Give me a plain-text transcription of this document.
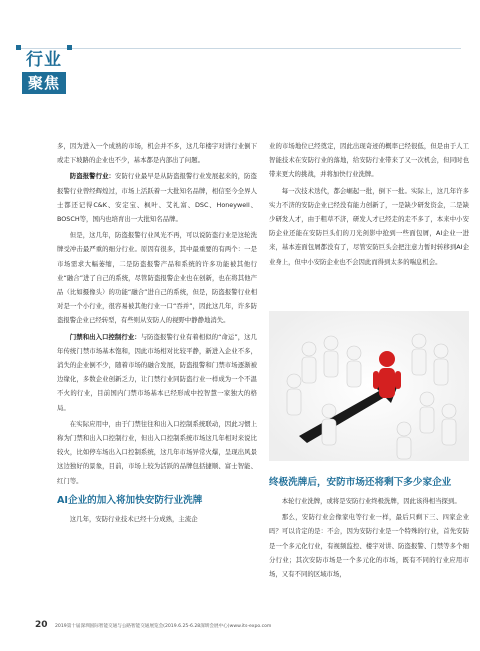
行业
聚焦

多，因为进入一个成熟的市场，机会并不多，这几年楼宇对讲行业倒下或走下坡路的企业也不少，基本都是内部出了问题。

防盗报警行业：安防行业最早是从防盗报警行业发展起来的，防盗报警行业曾经辉煌过，市场上活跃着一大批知名品牌，相信至今全界人士都还记得C&K、安定宝、枫叶、艾礼富、DSC、Honeywell、BOSCH等，国内也培育出一大批知名品牌。

但是，这几年，防盗报警行业风光不再，可以说防盗行业是这轮洗牌受冲击最严重的细分行业。原因有很多，其中最重要的有两个：一是市场需求大幅萎缩，二是防盗报警产品和系统的许多功能被其他行业“融合”进了自己的系统，尽管防盗报警企业也在创新，也在将其他产品（比如摄像头）的功能“融合”进自己的系统，但是，防盗报警行业相对是一个小行业，很容易被其他行业一口“吞并”，因此这几年，许多防盗报警企业已经转型，有些则从安防人的视野中静静地消失。

门禁和出入口控制行业：与防盗报警行业有着相似的“命运”，这几年传统门禁市场基本饱和，因此市场相对比较平静，新进入企业不多，消失的企业倒不少，随着市场的融合发展，防盗报警和门禁市场逐渐被边缘化，多数企业创新乏力，让门禁行业同防盗行业一样成为一个不温不火的行业，目前国内门禁市场基本已经形成中控智慧一家独大的格局。

在实际应用中，由于门禁往往和出入口控制系统联动，因此习惯上称为门禁和出入口控制行业，但出入口控制系统市场这几年相对来说比较火，比如停车场出入口控制系统，这几年市场异常火爆，呈现出风景这边独好的景象，目前，市场上较为活跃的品牌包括捷顺、富士智能、红门等。

AI企业的加入将加快安防行业洗牌

这几年，安防行业技术已经十分成熟，主流企

业的市场地位已经奠定，因此出现奇迹的概率已经很低，但是由于人工智能技术在安防行业的落地，给安防行业带来了又一次机会，但同时也带来更大的挑战，并将加快行业洗牌。

每一次技术迭代，都会崛起一批，倒下一批。实际上，这几年许多实力不济的安防企业已经没有能力创新了，一是缺少研发资金，二是缺少研发人才，由于粗草不济，研发人才已经走的走不多了，本来中小安防企业还能在安防巨头们的刀光剑影中抢到一些面包屑，AI企业一进来，基本连面包屑都没有了，尽管安防巨头会把注意力暂时转移到AI企业身上，但中小安防企业也不会因此而得到太多的喘息机会。

终极洗牌后，安防市场还将剩下多少家企业

本轮行业洗牌，或将是安防行业终极洗牌，因此该得相当探到。

那么，安防行业会像家电等行业一样，最后只剩下三、四家企业吗？可以肯定的是：不会，因为安防行业是一个特殊的行业，首先安防是一个多元化行业，有视频监控、楼宇对讲、防盗报警、门禁等多个细分行业；其次安防市场是一个多元化的市场，既有不同的行业应用市场，又有不同的区域市场，

20 2019第十届深圳国际智能交通与公路智能交通展览会(2019.6.25-6.28深圳会展中心)www.its-expo.com
